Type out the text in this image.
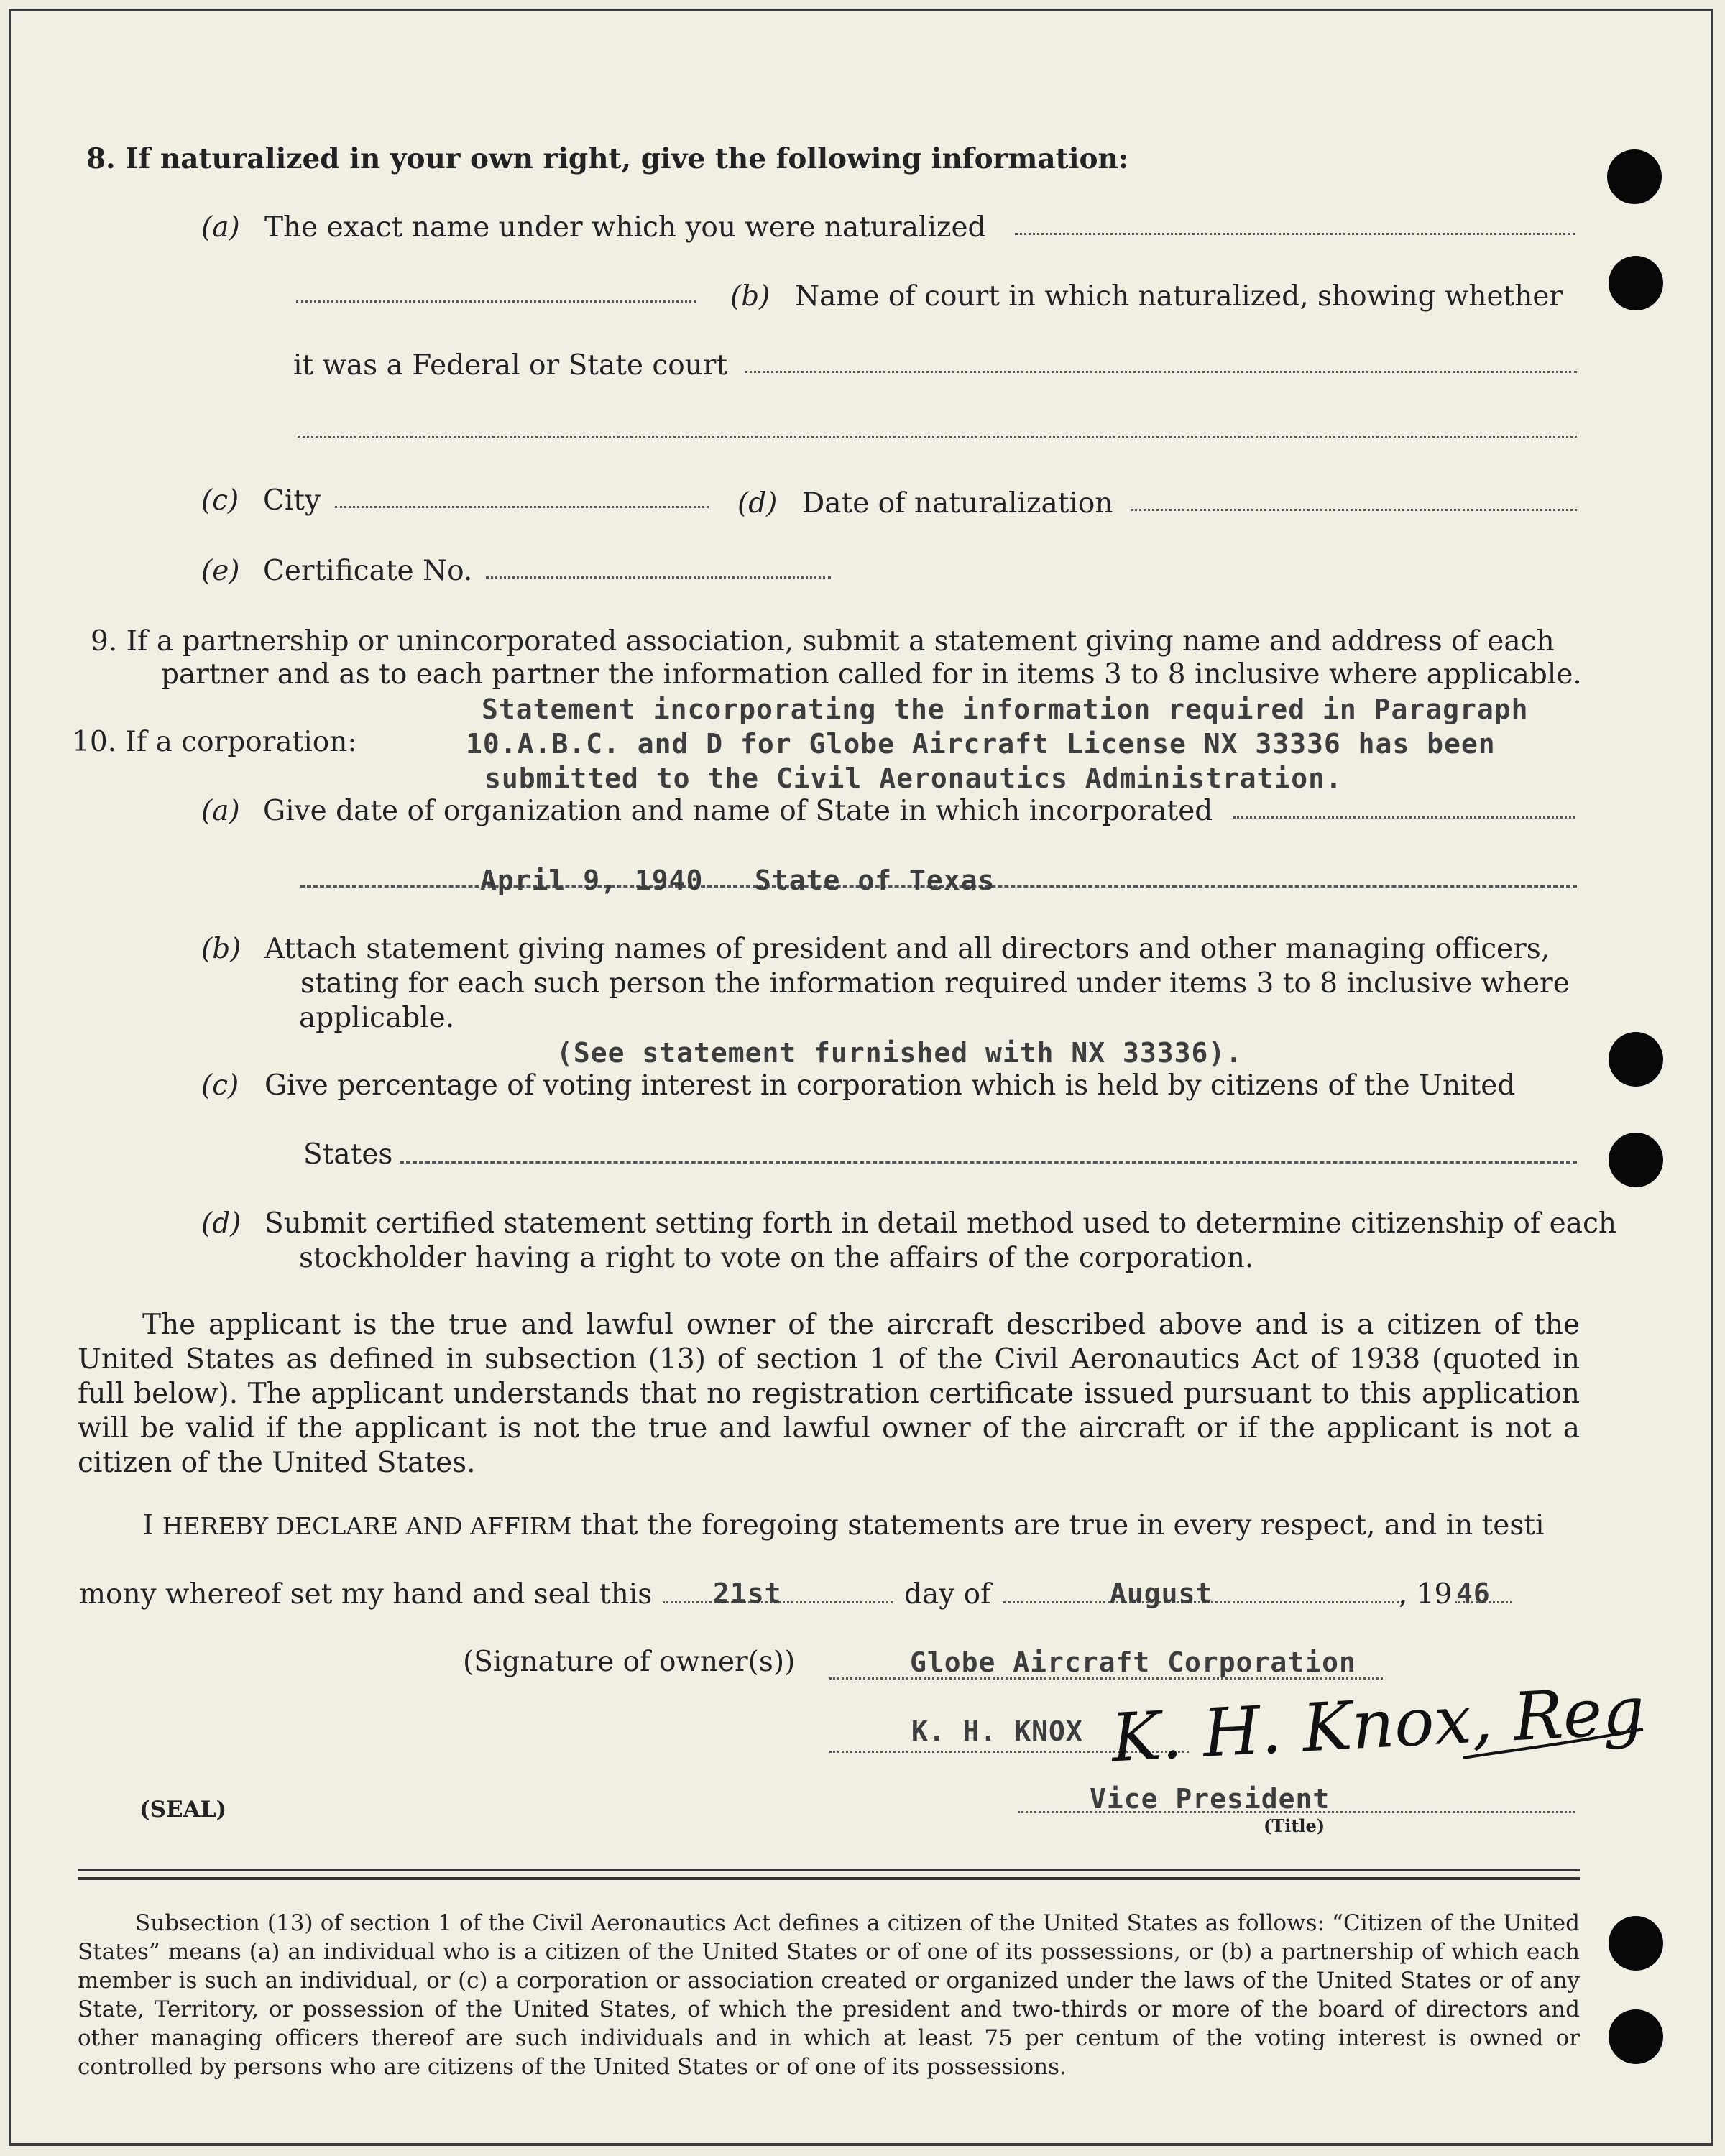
8. If naturalized in your own right, give the following information:
(a) The exact name under which you were naturalized
(b) Name of court in which naturalized, showing whether
it was a Federal or State court
(c) City	(d) Date of naturalization
(e) Certificate No.
9. If a partnership or unincorporated association, submit a statement giving name and address of each
partner and as to each partner the information called for in items 3 to 8 inclusive where applicable.
10. If a corporation:
Statement incorporating the information required in Paragraph
10.A.B.C. and D for Globe Aircraft License NX 33336 has been
submitted to the Civil Aeronautics Administration.
(a) Give date of organization and name of State in which incorporated
April 9, 1940   State of Texas
(b) Attach statement giving names of president and all directors and other managing officers,
stating for each such person the information required under items 3 to 8 inclusive where
applicable.
(See statement furnished with NX 33336).
(c) Give percentage of voting interest in corporation which is held by citizens of the United
States
(d) Submit certified statement setting forth in detail method used to determine citizenship of each
stockholder having a right to vote on the affairs of the corporation.
The applicant is the true and lawful owner of the aircraft described above and is a citizen of the United States as defined in subsection (13) of section 1 of the Civil Aeronautics Act of 1938 (quoted in full below). The applicant understands that no registration certificate issued pursuant to this application will be valid if the applicant is not the true and lawful owner of the aircraft or if the applicant is not a citizen of the United States.
I HEREBY DECLARE AND AFFIRM that the foregoing statements are true in every respect, and in testi
mony whereof set my hand and seal this 21st	day of	August	, 19 46
(Signature of owner(s))	Globe Aircraft Corporation
K. H. KNOX K. H. Knox, Reg
(SEAL)	Vice President
(Title)
Subsection (13) of section 1 of the Civil Aeronautics Act defines a citizen of the United States as follows: “Citizen of the United States” means (a) an individual who is a citizen of the United States or of one of its possessions, or (b) a partnership of which each member is such an individual, or (c) a corporation or association created or organized under the laws of the United States or of any State, Territory, or possession of the United States, of which the president and two-thirds or more of the board of directors and other managing officers thereof are such individuals and in which at least 75 per centum of the voting interest is owned or controlled by persons who are citizens of the United States or of one of its possessions.
